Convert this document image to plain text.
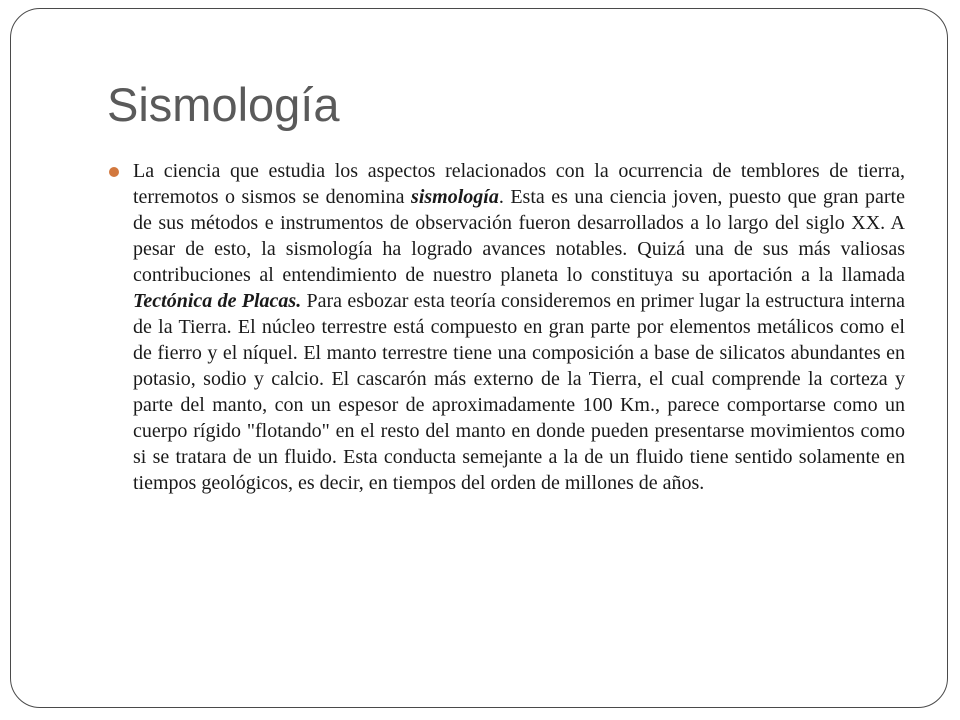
Sismología

La ciencia que estudia los aspectos relacionados con la ocurrencia de temblores de tierra, terremotos o sismos se denomina sismología. Esta es una ciencia joven, puesto que gran parte de sus métodos e instrumentos de observación fueron desarrollados a lo largo del siglo XX. A pesar de esto, la sismología ha logrado avances notables. Quizá una de sus más valiosas contribuciones al entendimiento de nuestro planeta lo constituya su aportación a la llamada Tectónica de Placas. Para esbozar esta teoría consideremos en primer lugar la estructura interna de la Tierra. El núcleo terrestre está compuesto en gran parte por elementos metálicos como el de fierro y el níquel. El manto terrestre tiene una composición a base de silicatos abundantes en potasio, sodio y calcio. El cascarón más externo de la Tierra, el cual comprende la corteza y parte del manto, con un espesor de aproximadamente 100 Km., parece comportarse como un cuerpo rígido "flotando" en el resto del manto en donde pueden presentarse movimientos como si se tratara de un fluido. Esta conducta semejante a la de un fluido tiene sentido solamente en tiempos geológicos, es decir, en tiempos del orden de millones de años.
